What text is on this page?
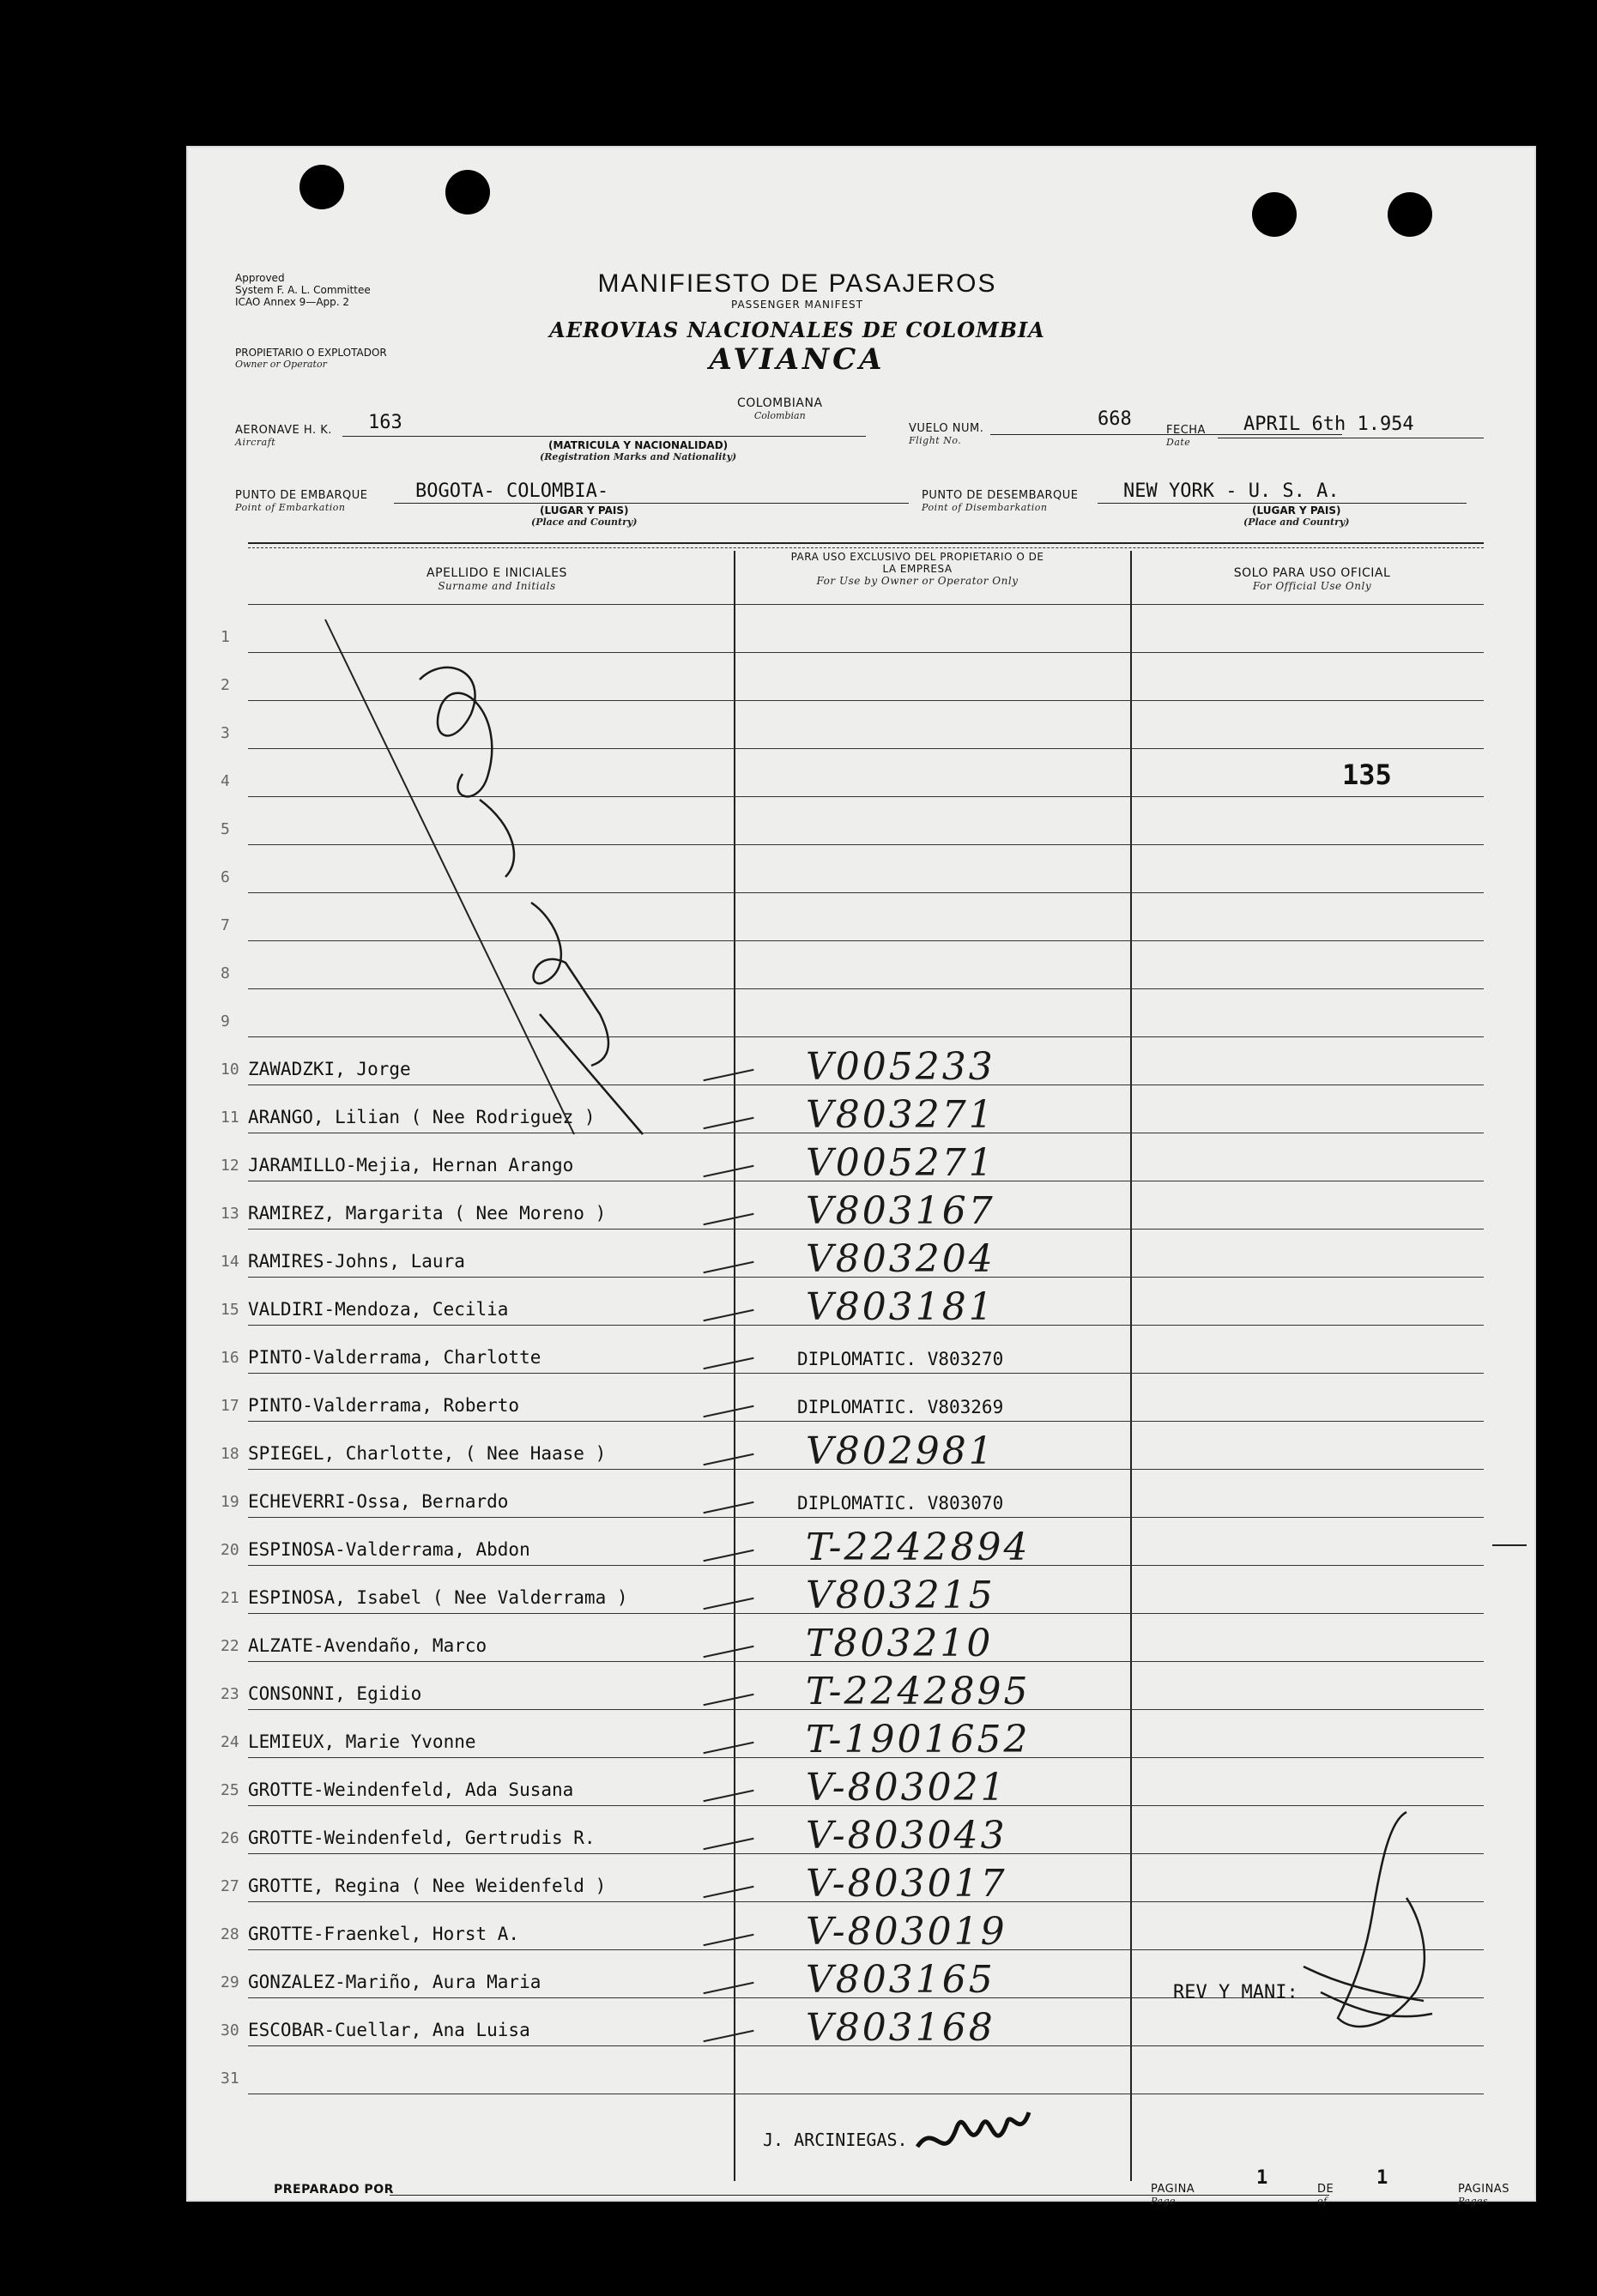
Approved
System F. A. L. Committee
ICAO Annex 9—App. 2
PROPIETARIO O EXPLOTADOR
Owner or Operator
MANIFIESTO DE PASAJEROS
PASSENGER MANIFEST
AEROVIAS NACIONALES DE COLOMBIA
AVIANCA
COLOMBIANA
Colombian
AERONAVE H. K.
Aircraft
163
(MATRICULA Y NACIONALIDAD)
(Registration Marks and Nationality)
VUELO NUM.
Flight No.
668
FECHA
Date
APRIL 6th 1.954
PUNTO DE EMBARQUE
Point of Embarkation
BOGOTA- COLOMBIA-
(LUGAR Y PAIS)
(Place and Country)
PUNTO DE DESEMBARQUE
Point of Disembarkation
NEW YORK - U. S. A.
(LUGAR Y PAIS)
(Place and Country)
APELLIDO E INICIALES
Surname and Initials
PARA USO EXCLUSIVO DEL PROPIETARIO O DE LA EMPRESA
For Use by Owner or Operator Only
SOLO PARA USO OFICIAL
For Official Use Only
1
2
3
4
5
6
7
8
9
10 ZAWADZKI, Jorge	V005233
11 ARANGO, Lilian ( Nee Rodriguez )	V803271
12 JARAMILLO-Mejia, Hernan Arango	V005271
13 RAMIREZ, Margarita ( Nee Moreno )	V803167
14 RAMIRES-Johns, Laura	V803204
15 VALDIRI-Mendoza, Cecilia	V803181
16 PINTO-Valderrama, Charlotte	DIPLOMATIC. V803270
17 PINTO-Valderrama, Roberto	DIPLOMATIC. V803269
18 SPIEGEL, Charlotte, ( Nee Haase )	V802981
19 ECHEVERRI-Ossa, Bernardo	DIPLOMATIC. V803070
20 ESPINOSA-Valderrama, Abdon	T-2242894
21 ESPINOSA, Isabel ( Nee Valderrama )	V803215
22 ALZATE-Avendaño, Marco	T803210
23 CONSONNI, Egidio	T-2242895
24 LEMIEUX, Marie Yvonne	T-1901652
25 GROTTE-Weindenfeld, Ada Susana	V-803021
26 GROTTE-Weindenfeld, Gertrudis R.	V-803043
27 GROTTE, Regina ( Nee Weidenfeld )	V-803017
28 GROTTE-Fraenkel, Horst A.	V-803019
29 GONZALEZ-Mariño, Aura Maria	V803165
30 ESCOBAR-Cuellar, Ana Luisa	V803168
31
135
REV Y MANI:
J. ARCINIEGAS.
PREPARADO POR	PAGINA
Page
1
DE
of
1
PAGINAS
Pages
